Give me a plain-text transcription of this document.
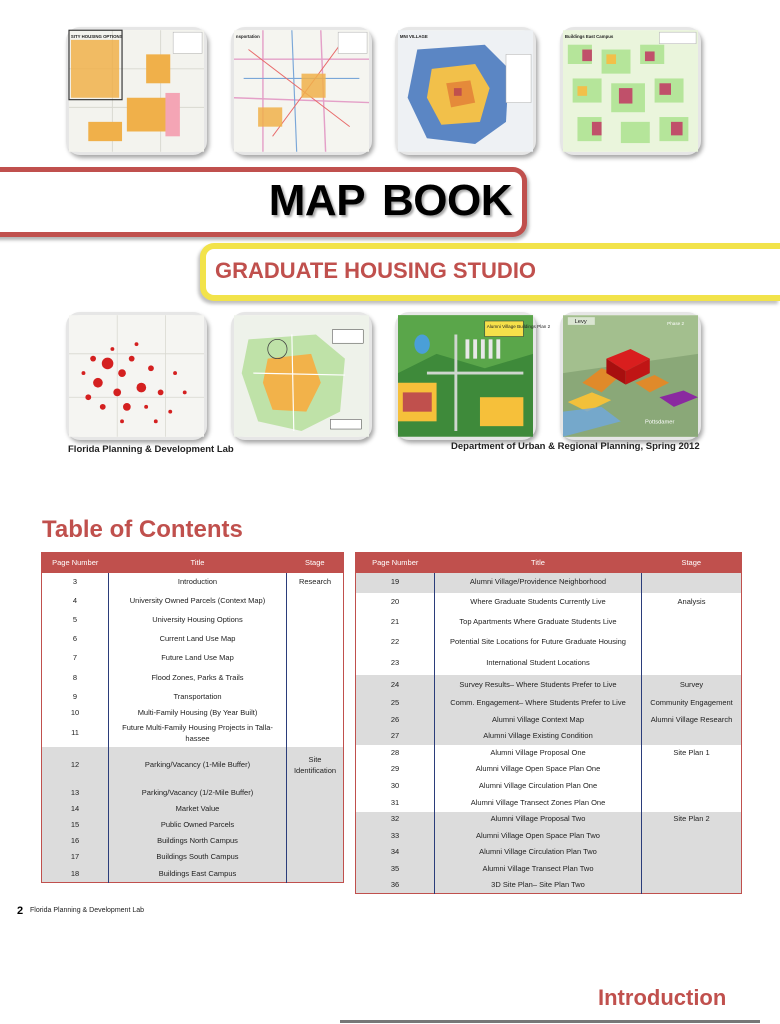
SITY HOUSING OPTIONS	nsportation	MNI VILLAGE	Buildings East Campus
MAP BOOK
GRADUATE HOUSING STUDIO
Alumni Village Buildings Plan 2
Levy	Phase 2
Pottsdamer
Florida Planning & Development Lab	Department of Urban & Regional Planning, Spring 2012
Table of Contents
Page Number	Title	Stage
3	Introduction	Research
4	University Owned Parcels (Context Map)	
5	University Housing Options	
6	Current Land Use Map	
7	Future Land Use Map	
8	Flood Zones, Parks & Trails	
9	Transportation	
10	Multi-Family Housing (By Year Built)	
11	Future Multi-Family Housing Projects in Talla-hassee	
12	Parking/Vacancy (1-Mile Buffer)	Site Identification
13	Parking/Vacancy (1/2-Mile Buffer)	
14	Market Value	
15	Public Owned Parcels	
16	Buildings North Campus	
17	Buildings South Campus	
18	Buildings East Campus	
Page Number	Title	Stage
19	Alumni Village/Providence Neighborhood	
20	Where Graduate Students Currently Live	Analysis
21	Top Apartments Where Graduate Students Live	
22	Potential Site Locations for Future Graduate Housing	
23	International Student Locations	
24	Survey Results– Where Students Prefer to Live	Survey
25	Comm. Engagement– Where Students Prefer to Live	Community Engagement
26	Alumni Village Context Map	Alumni Village Research
27	Alumni Village Existing Condition	
28	Alumni Village Proposal One	Site Plan 1
29	Alumni Village Open Space Plan One	
30	Alumni Village Circulation Plan One	
31	Alumni Village Transect Zones Plan One	
32	Alumni Village Proposal Two	Site Plan 2
33	Alumni Village Open Space Plan Two	
34	Alumni Village Circulation Plan Two	
35	Alumni Village Transect Plan Two	
36	3D Site Plan– Site Plan Two	
2 Florida Planning & Development Lab
Introduction
